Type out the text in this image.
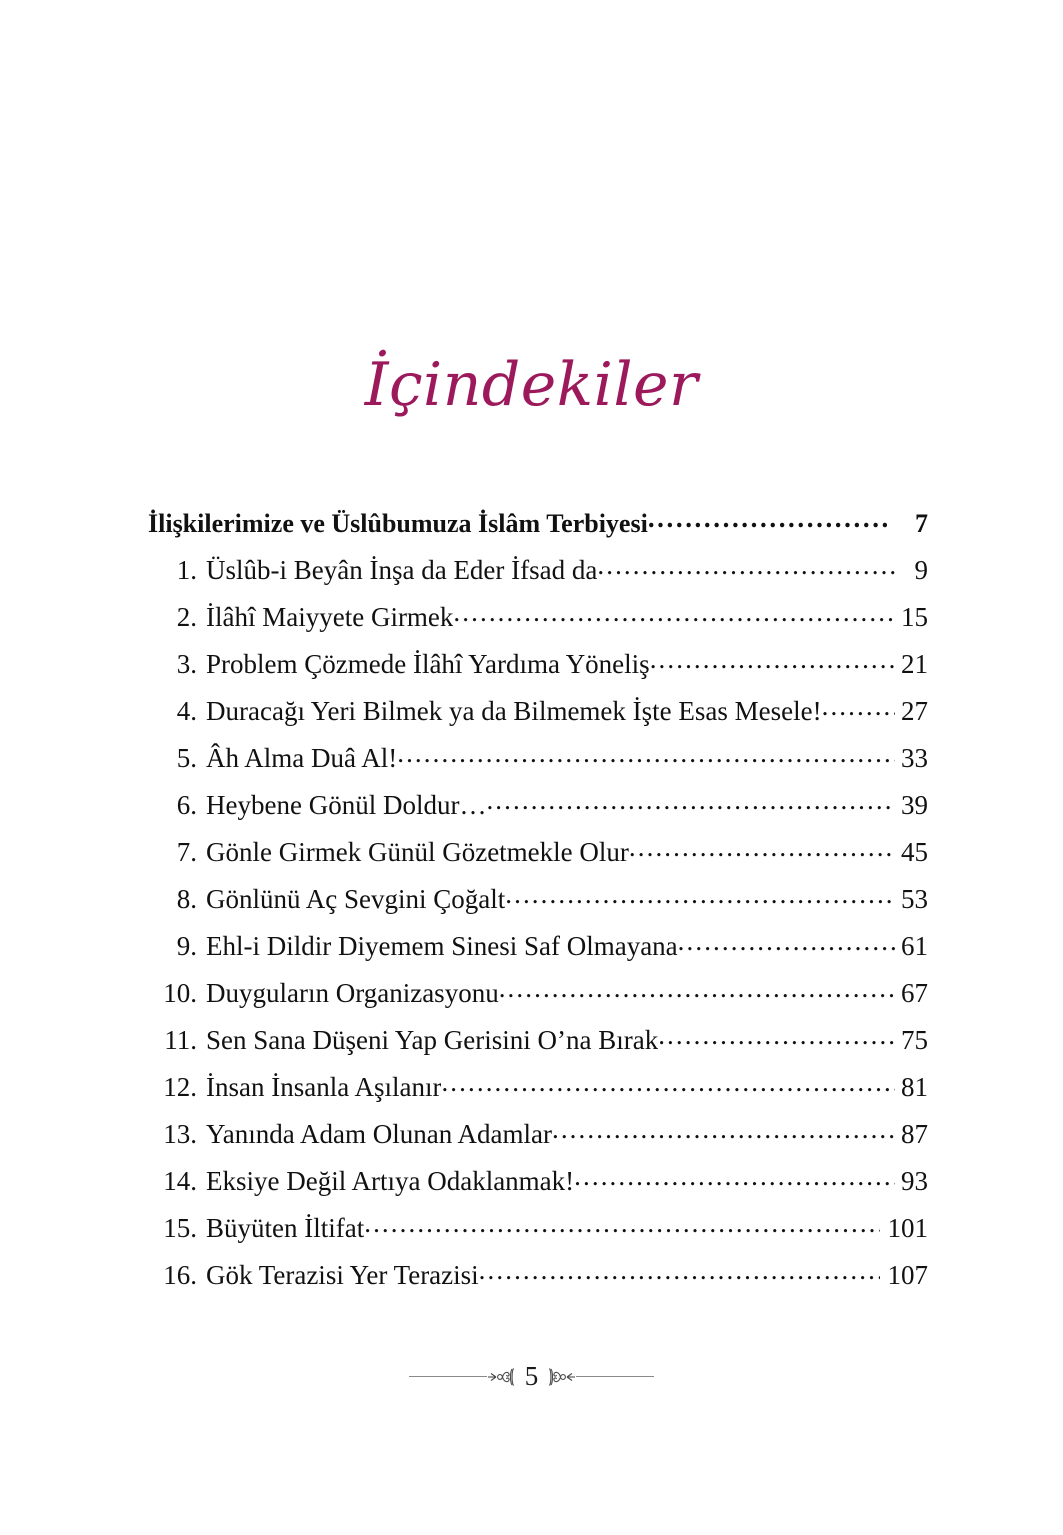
İçindekiler
İlişkilerimize ve Üslûbumuza İslâm Terbiyesi .....	7
1. Üslûb-i Beyân İnşa da Eder İfsad da .....	9
2. İlâhî Maiyyete Girmek .....	15
3. Problem Çözmede İlâhî Yardıma Yöneliş .....	21
4. Duracağı Yeri Bilmek ya da Bilmemek İşte Esas Mesele! .....	27
5. Âh Alma Duâ Al! .....	33
6. Heybene Gönül Doldur… .....	39
7. Gönle Girmek Günül Gözetmekle Olur .....	45
8. Gönlünü Aç Sevgini Çoğalt .....	53
9. Ehl-i Dildir Diyemem Sinesi Saf Olmayana .....	61
10. Duyguların Organizasyonu .....	67
11. Sen Sana Düşeni Yap Gerisini O’na Bırak .....	75
12. İnsan İnsanla Aşılanır .....	81
13. Yanında Adam Olunan Adamlar .....	87
14. Eksiye Değil Artıya Odaklanmak! .....	93
15. Büyüten İltifat .....	101
16. Gök Terazisi Yer Terazisi .....	107
5
